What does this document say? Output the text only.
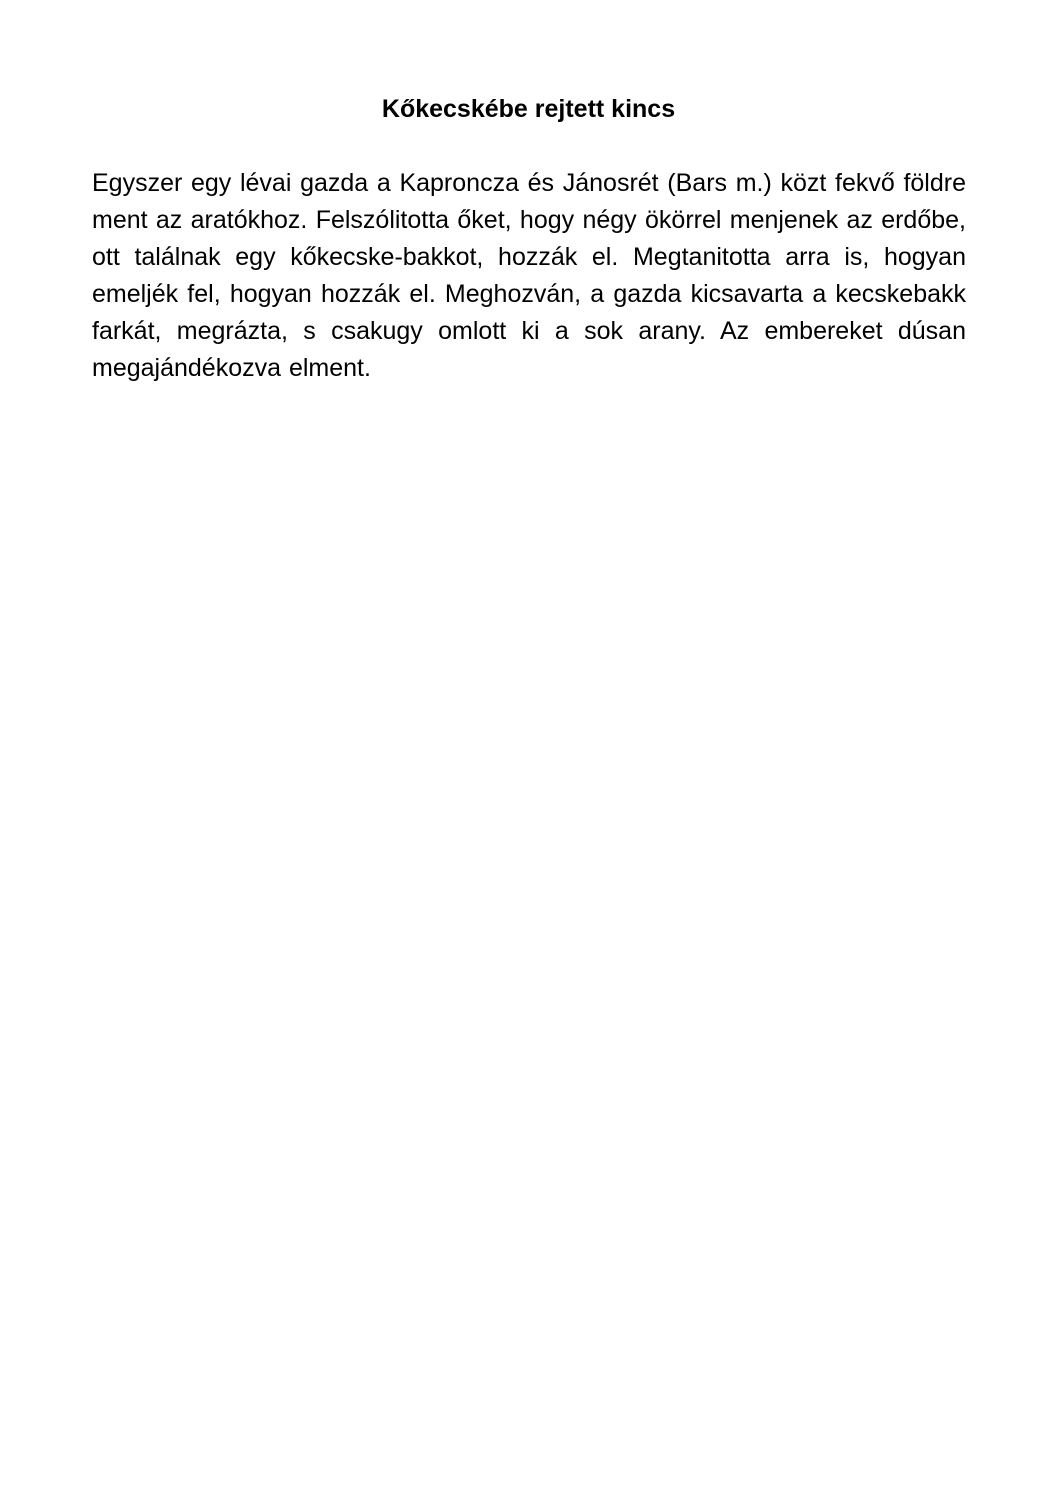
Kőkecskébe rejtett kincs

Egyszer egy lévai gazda a Kaproncza és Jánosrét (Bars m.) közt fekvő földre ment az aratókhoz. Felszólitotta őket, hogy négy ökörrel menjenek az erdőbe, ott találnak egy kőkecske-bakkot, hozzák el. Megtanitotta arra is, hogyan emeljék fel, hogyan hozzák el. Meghozván, a gazda kicsavarta a kecskebakk farkát, megrázta, s csakugy omlott ki a sok arany. Az embereket dúsan megajándékozva elment.
